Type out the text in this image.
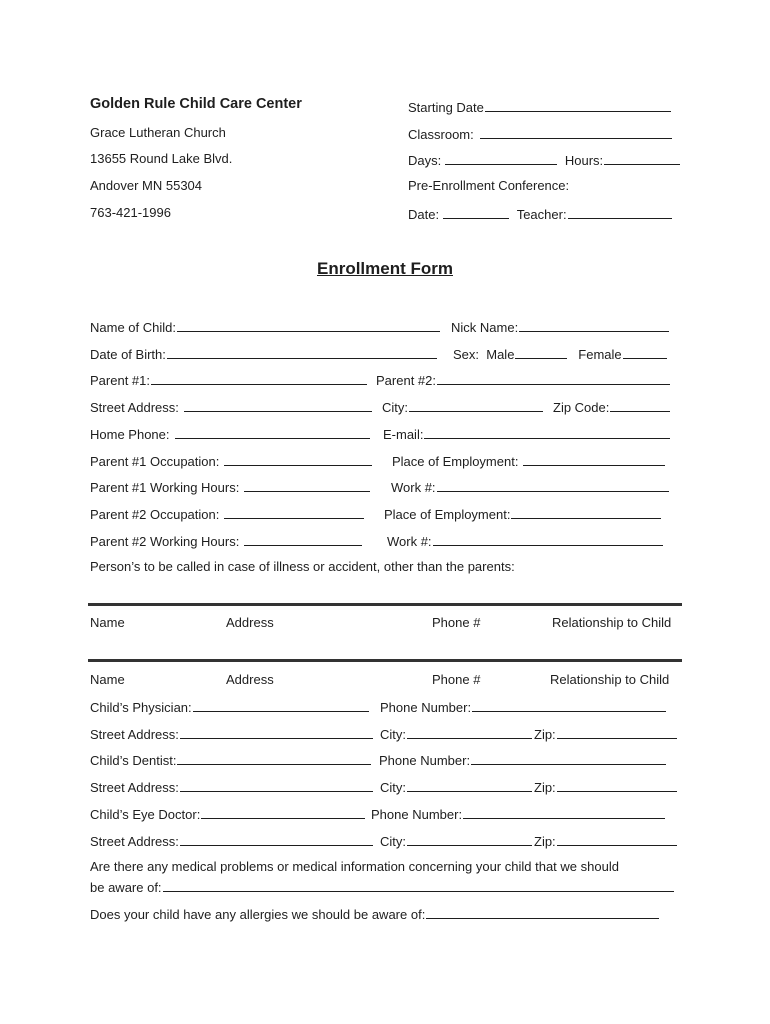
Golden Rule Child Care Center
Grace Lutheran Church
13655 Round Lake Blvd.
Andover MN 55304
763-421-1996
Starting Date
Classroom:
Days:	Hours:
Pre-Enrollment Conference:
Date:	Teacher:
Enrollment Form
Name of Child:	Nick Name:
Date of Birth:	Sex: Male	Female
Parent #1:	Parent #2:
Street Address:	City:	Zip Code:
Home Phone:	E-mail:
Parent #1 Occupation:	Place of Employment:
Parent #1 Working Hours:	Work #:
Parent #2 Occupation:	Place of Employment:
Parent #2 Working Hours:	Work #:
Person’s to be called in case of illness or accident, other than the parents:
Name	Address	Phone #	Relationship to Child
Name	Address	Phone #	Relationship to Child
Child’s Physician:	Phone Number:
Street Address:	City:	Zip:
Child’s Dentist:	Phone Number:
Street Address:	City:	Zip:
Child’s Eye Doctor:	Phone Number:
Street Address:	City:	Zip:
Are there any medical problems or medical information concerning your child that we should
be aware of:
Does your child have any allergies we should be aware of:
